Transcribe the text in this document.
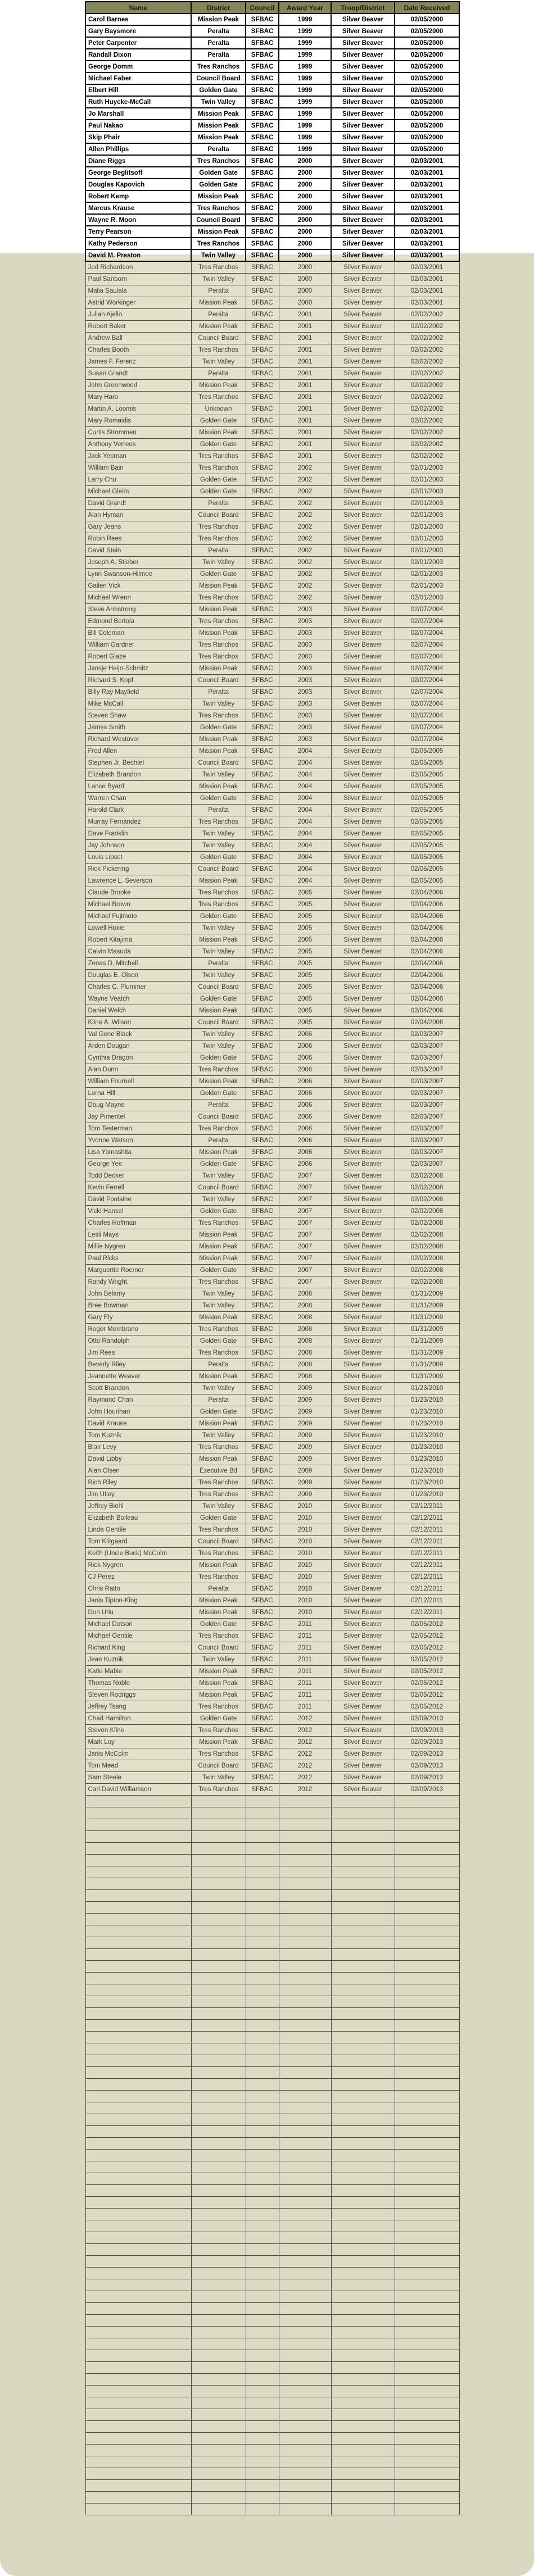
Name	District	Council	Award Year	Troop/District	Date Received
Carol Barnes	Mission Peak	SFBAC	1999	Silver Beaver	02/05/2000
Gary Baysmore	Peralta	SFBAC	1999	Silver Beaver	02/05/2000
Peter Carpenter	Peralta	SFBAC	1999	Silver Beaver	02/05/2000
Randall Dixon	Peralta	SFBAC	1999	Silver Beaver	02/05/2000
George Domm	Tres Ranchos	SFBAC	1999	Silver Beaver	02/05/2000
Michael Faber	Council Board	SFBAC	1999	Silver Beaver	02/05/2000
Elbert Hill	Golden Gate	SFBAC	1999	Silver Beaver	02/05/2000
Ruth Huycke-McCall	Twin Valley	SFBAC	1999	Silver Beaver	02/05/2000
Jo Marshall	Mission Peak	SFBAC	1999	Silver Beaver	02/05/2000
Paul Nakao	Mission Peak	SFBAC	1999	Silver Beaver	02/05/2000
Skip Phair	Mission Peak	SFBAC	1999	Silver Beaver	02/05/2000
Allen Phillips	Peralta	SFBAC	1999	Silver Beaver	02/05/2000
Diane Riggs	Tres Ranchos	SFBAC	2000	Silver Beaver	02/03/2001
George Beglitsoff	Golden Gate	SFBAC	2000	Silver Beaver	02/03/2001
Douglas Kapovich	Golden Gate	SFBAC	2000	Silver Beaver	02/03/2001
Robert Kemp	Mission Peak	SFBAC	2000	Silver Beaver	02/03/2001
Marcus Krause	Tres Ranchos	SFBAC	2000	Silver Beaver	02/03/2001
Wayne R. Moon	Council Board	SFBAC	2000	Silver Beaver	02/03/2001
Terry Pearson	Mission Peak	SFBAC	2000	Silver Beaver	02/03/2001
Kathy Pederson	Tres Ranchos	SFBAC	2000	Silver Beaver	02/03/2001
David M. Preston	Twin Valley	SFBAC	2000	Silver Beaver	02/03/2001
Jed Richardson	Tres Ranchos	SFBAC	2000	Silver Beaver	02/03/2001
Paul Sanborn	Twin Valley	SFBAC	2000	Silver Beaver	02/03/2001
Malia Saulala	Peralta	SFBAC	2000	Silver Beaver	02/03/2001
Astrid Workinger	Mission Peak	SFBAC	2000	Silver Beaver	02/03/2001
Julian Ajello	Peralta	SFBAC	2001	Silver Beaver	02/02/2002
Robert Baker	Mission Peak	SFBAC	2001	Silver Beaver	02/02/2002
Andrew Ball	Council Board	SFBAC	2001	Silver Beaver	02/02/2002
Charles Booth	Tres Ranchos	SFBAC	2001	Silver Beaver	02/02/2002
James F. Ferenz	Twin Valley	SFBAC	2001	Silver Beaver	02/02/2002
Susan Grandt	Peralta	SFBAC	2001	Silver Beaver	02/02/2002
John Greenwood	Mission Peak	SFBAC	2001	Silver Beaver	02/02/2002
Mary Haro	Tres Ranchos	SFBAC	2001	Silver Beaver	02/02/2002
Martin A. Loomis	Unknown	SFBAC	2001	Silver Beaver	02/02/2002
Mary Romaidis	Golden Gate	SFBAC	2001	Silver Beaver	02/02/2002
Curtis Strommen	Mission Peak	SFBAC	2001	Silver Beaver	02/02/2002
Anthony Verreos	Golden Gate	SFBAC	2001	Silver Beaver	02/02/2002
Jack Yeoman	Tres Ranchos	SFBAC	2001	Silver Beaver	02/02/2002
William Bain	Tres Ranchos	SFBAC	2002	Silver Beaver	02/01/2003
Larry Chu	Golden Gate	SFBAC	2002	Silver Beaver	02/01/2003
Michael Gleim	Golden Gate	SFBAC	2002	Silver Beaver	02/01/2003
David Grandt	Peralta	SFBAC	2002	Silver Beaver	02/01/2003
Alan Hyman	Council Board	SFBAC	2002	Silver Beaver	02/01/2003
Gary Jeans	Tres Ranchos	SFBAC	2002	Silver Beaver	02/01/2003
Robin Rees	Tres Ranchos	SFBAC	2002	Silver Beaver	02/01/2003
David Stein	Peralta	SFBAC	2002	Silver Beaver	02/01/2003
Joseph A. Stieber	Twin Valley	SFBAC	2002	Silver Beaver	02/01/2003
Lynn Swanson-Hilmoe	Golden Gate	SFBAC	2002	Silver Beaver	02/01/2003
Gailen Vick	Mission Peak	SFBAC	2002	Silver Beaver	02/01/2003
Michael Wrenn	Tres Ranchos	SFBAC	2002	Silver Beaver	02/01/2003
Steve Armstrong	Mission Peak	SFBAC	2003	Silver Beaver	02/07/2004
Edmond Bertola	Tres Ranchos	SFBAC	2003	Silver Beaver	02/07/2004
Bill Coleman	Mission Peak	SFBAC	2003	Silver Beaver	02/07/2004
William Gardner	Tres Ranchos	SFBAC	2003	Silver Beaver	02/07/2004
Robert Glaze	Tres Ranchos	SFBAC	2003	Silver Beaver	02/07/2004
Jansje Heijn-Schmitz	Mission Peak	SFBAC	2003	Silver Beaver	02/07/2004
Richard S. Kopf	Council Board	SFBAC	2003	Silver Beaver	02/07/2004
Billy Ray Mayfield	Peralta	SFBAC	2003	Silver Beaver	02/07/2004
Mike McCall	Twin Valley	SFBAC	2003	Silver Beaver	02/07/2004
Steven Shaw	Tres Ranchos	SFBAC	2003	Silver Beaver	02/07/2004
James Smith	Golden Gate	SFBAC	2003	Silver Beaver	02/07/2004
Richard Westover	Mission Peak	SFBAC	2003	Silver Beaver	02/07/2004
Fred Allen	Mission Peak	SFBAC	2004	Silver Beaver	02/05/2005
Stephen Jr. Bechtel	Council Board	SFBAC	2004	Silver Beaver	02/05/2005
Elizabeth Brandon	Twin Valley	SFBAC	2004	Silver Beaver	02/05/2005
Lance Byard	Mission Peak	SFBAC	2004	Silver Beaver	02/05/2005
Warren Chan	Golden Gate	SFBAC	2004	Silver Beaver	02/05/2005
Harold Clark	Peralta	SFBAC	2004	Silver Beaver	02/05/2005
Murray Fernandez	Tres Ranchos	SFBAC	2004	Silver Beaver	02/05/2005
Dave Franklin	Twin Valley	SFBAC	2004	Silver Beaver	02/05/2005
Jay Johnson	Twin Valley	SFBAC	2004	Silver Beaver	02/05/2005
Louis Lipset	Golden Gate	SFBAC	2004	Silver Beaver	02/05/2005
Rick Pickering	Council Board	SFBAC	2004	Silver Beaver	02/05/2005
Lawrence L. Severson	Mission Peak	SFBAC	2004	Silver Beaver	02/05/2005
Claude Brooke	Tres Ranchos	SFBAC	2005	Silver Beaver	02/04/2006
Michael Brown	Tres Ranchos	SFBAC	2005	Silver Beaver	02/04/2006
Michael Fujimoto	Golden Gate	SFBAC	2005	Silver Beaver	02/04/2006
Lowell Hoxie	Twin Valley	SFBAC	2005	Silver Beaver	02/04/2006
Robert Kitajima	Mission Peak	SFBAC	2005	Silver Beaver	02/04/2006
Calvin Masuda	Twin Valley	SFBAC	2005	Silver Beaver	02/04/2006
Zenas D. Mitchell	Peralta	SFBAC	2005	Silver Beaver	02/04/2006
Douglas E. Olson	Twin Valley	SFBAC	2005	Silver Beaver	02/04/2006
Charles C. Plummer	Council Board	SFBAC	2005	Silver Beaver	02/04/2006
Wayne Veatch	Golden Gate	SFBAC	2005	Silver Beaver	02/04/2006
Daniel Welch	Mission Peak	SFBAC	2005	Silver Beaver	02/04/2006
Kline A. Wilson	Council Board	SFBAC	2005	Silver Beaver	02/04/2006
Val Gene Black	Twin Valley	SFBAC	2006	Silver Beaver	02/03/2007
Arden Dougan	Twin Valley	SFBAC	2006	Silver Beaver	02/03/2007
Cynthia Dragon	Golden Gate	SFBAC	2006	Silver Beaver	02/03/2007
Alan Dunn	Tres Ranchos	SFBAC	2006	Silver Beaver	02/03/2007
William Fournell	Mission Peak	SFBAC	2006	Silver Beaver	02/03/2007
Lorna Hill	Golden Gate	SFBAC	2006	Silver Beaver	02/03/2007
Doug Mayne	Peralta	SFBAC	2006	Silver Beaver	02/03/2007
Jay Pimentel	Council Board	SFBAC	2006	Silver Beaver	02/03/2007
Tom Testerman	Tres Ranchos	SFBAC	2006	Silver Beaver	02/03/2007
Yvonne Watson	Peralta	SFBAC	2006	Silver Beaver	02/03/2007
Lisa Yamashita	Mission Peak	SFBAC	2006	Silver Beaver	02/03/2007
George Yee	Golden Gate	SFBAC	2006	Silver Beaver	02/03/2007
Todd Decker	Twin Valley	SFBAC	2007	Silver Beaver	02/02/2008
Kevin Ferrell	Council Board	SFBAC	2007	Silver Beaver	02/02/2008
David Fontaine	Twin Valley	SFBAC	2007	Silver Beaver	02/02/2008
Vicki Hansel	Golden Gate	SFBAC	2007	Silver Beaver	02/02/2008
Charles Hoffman	Tres Ranchos	SFBAC	2007	Silver Beaver	02/02/2008
Lesli Mays	Mission Peak	SFBAC	2007	Silver Beaver	02/02/2008
Millie Nygren	Mission Peak	SFBAC	2007	Silver Beaver	02/02/2008
Paul Ricks	Mission Peak	SFBAC	2007	Silver Beaver	02/02/2008
Marguerite Roemer	Golden Gate	SFBAC	2007	Silver Beaver	02/02/2008
Randy Wright	Tres Ranchos	SFBAC	2007	Silver Beaver	02/02/2008
John Belamy	Twin Valley	SFBAC	2008	Silver Beaver	01/31/2009
Bree Bowman	Twin Valley	SFBAC	2008	Silver Beaver	01/31/2009
Gary Ely	Mission Peak	SFBAC	2008	Silver Beaver	01/31/2009
Roger Membrano	Tres Ranchos	SFBAC	2008	Silver Beaver	01/31/2009
Otto Randolph	Golden Gate	SFBAC	2008	Silver Beaver	01/31/2009
Jim Rees	Tres Ranchos	SFBAC	2008	Silver Beaver	01/31/2009
Beverly Riley	Peralta	SFBAC	2008	Silver Beaver	01/31/2009
Jeannette Weaver	Mission Peak	SFBAC	2008	Silver Beaver	01/31/2009
Scott Brandon	Twin Valley	SFBAC	2009	Silver Beaver	01/23/2010
Raymond Chan	Peralta	SFBAC	2009	Silver Beaver	01/23/2010
John Hourihan	Golden Gate	SFBAC	2009	Silver Beaver	01/23/2010
David Krause	Mission Peak	SFBAC	2009	Silver Beaver	01/23/2010
Tom Kuznik	Twin Valley	SFBAC	2009	Silver Beaver	01/23/2010
Blair Levy	Tres Ranchos	SFBAC	2009	Silver Beaver	01/23/2010
David Libby	Mission Peak	SFBAC	2009	Silver Beaver	01/23/2010
Alan Olsen	Executive Bd	SFBAC	2009	Silver Beaver	01/23/2010
Rich Riley	Tres Ranchos	SFBAC	2009	Silver Beaver	01/23/2010
Jim Utley	Tres Ranchos	SFBAC	2009	Silver Beaver	01/23/2010
Jeffrey Biehl	Twin Valley	SFBAC	2010	Silver Beaver	02/12/2011
Elizabeth Boileau	Golden Gate	SFBAC	2010	Silver Beaver	02/12/2011
Linda Gentile	Tres Ranchos	SFBAC	2010	Silver Beaver	02/12/2011
Tom Klitgaard	Council Board	SFBAC	2010	Silver Beaver	02/12/2011
Keith (Uncle Buck) McColm	Tres Ranchos	SFBAC	2010	Silver Beaver	02/12/2011
Rick Nygren	Mission Peak	SFBAC	2010	Silver Beaver	02/12/2011
CJ Perez	Tres Ranchos	SFBAC	2010	Silver Beaver	02/12/2011
Chris Ratto	Peralta	SFBAC	2010	Silver Beaver	02/12/2011
Janis Tipton-King	Mission Peak	SFBAC	2010	Silver Beaver	02/12/2011
Don Uriu	Mission Peak	SFBAC	2010	Silver Beaver	02/12/2011
Michael Dotson	Golden Gate	SFBAC	2011	Silver Beaver	02/05/2012
Michael Gentile	Tres Ranchos	SFBAC	2011	Silver Beaver	02/05/2012
Richard King	Council Board	SFBAC	2011	Silver Beaver	02/05/2012
Jean Kuznik	Twin Valley	SFBAC	2011	Silver Beaver	02/05/2012
Katie Mabie	Mission Peak	SFBAC	2011	Silver Beaver	02/05/2012
Thomas Noble	Mission Peak	SFBAC	2011	Silver Beaver	02/05/2012
Steven Rodriggs	Mission Peak	SFBAC	2011	Silver Beaver	02/05/2012
Jeffrey Tsang	Tres Ranchos	SFBAC	2011	Silver Beaver	02/05/2012
Chad Hamilton	Golden Gate	SFBAC	2012	Silver Beaver	02/09/2013
Steven Kline	Tres Ranchos	SFBAC	2012	Silver Beaver	02/09/2013
Mark Loy	Mission Peak	SFBAC	2012	Silver Beaver	02/09/2013
Janis McColm	Tres Ranchos	SFBAC	2012	Silver Beaver	02/09/2013
Tom Mead	Council Board	SFBAC	2012	Silver Beaver	02/09/2013
Sam Steele	Twin Valley	SFBAC	2012	Silver Beaver	02/09/2013
Carl David Williamson	Tres Ranchos	SFBAC	2012	Silver Beaver	02/09/2013
